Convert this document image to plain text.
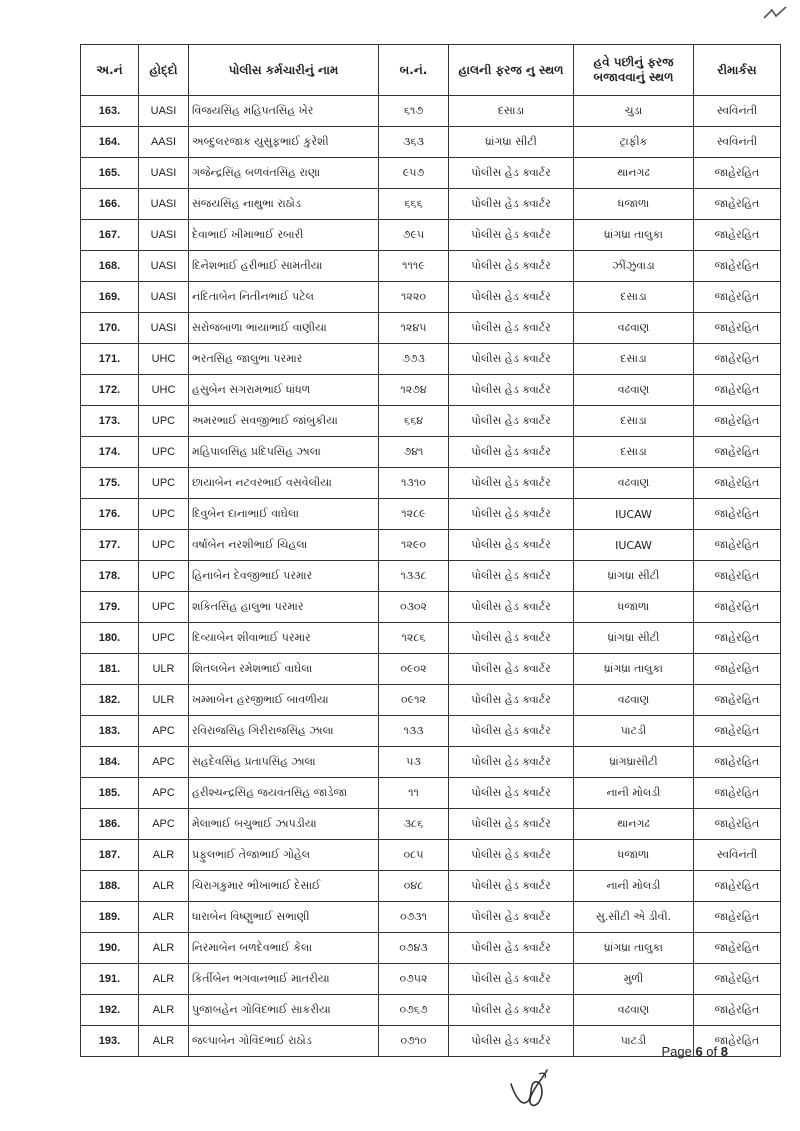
અ.નં	હોદ્દો	પોલીસ કર્મચારીનું નામ	બ.નં.	હાલની ફરજ નુ સ્થળ	હવે પછીનું ફરજ બજાવવાનું સ્થળ	રીમાર્કસ
163.	UASI	વિજયસિંહ મહિપતસિંહ ખેર	૬૧૭	દસાડા	ચુડા	સ્વવિનંતી
164.	AASI	અબ્દુલરજાક યુસુફભાઈ કુરેશી	૩૬૩	ધ્રાંગધ્રા સીટી	ટ્રાફીક	સ્વવિનંતી
165.	UASI	ગજેન્દ્રસિંહ બળવંતસિંહ રાણા	૯૫૭	પોલીસ હેડ ક્વાર્ટર	થાનગઢ	જાહેરહિત
166.	UASI	સંજયસિંહ નાથુભા રાઠોડ	૬૬૬	પોલીસ હેડ ક્વાર્ટર	ધજાળા	જાહેરહિત
167.	UASI	દેવાભાઈ ખીમાભાઈ રબારી	૭૯૫	પોલીસ હેડ ક્વાર્ટર	ધ્રાંગધ્રા તાલુકા	જાહેરહિત
168.	UASI	દિનેશભાઈ હરીભાઈ સામતીયા	૧૧૧૯	પોલીસ હેડ ક્વાર્ટર	ઝીંઝુવાડા	જાહેરહિત
169.	UASI	નંદિતાબેન નિતીનભાઈ પટેલ	૧૨૨૦	પોલીસ હેડ ક્વાર્ટર	દસાડા	જાહેરહિત
170.	UASI	સરોજબાળા ભાયાભાઈ વાણીયા	૧૨૪૫	પોલીસ હેડ ક્વાર્ટર	વઢવાણ	જાહેરહિત
171.	UHC	ભરતસિંહ જાલુભા પરમાર	૭૭૩	પોલીસ હેડ ક્વાર્ટર	દસાડા	જાહેરહિત
172.	UHC	હસુબેન સગરામભાઈ ધાંધળ	૧૨૭૪	પોલીસ હેડ ક્વાર્ટર	વઢવાણ	જાહેરહિત
173.	UPC	અમરભાઈ સવજીભાઈ જાંબુકીયા	૬૬૪	પોલીસ હેડ ક્વાર્ટર	દસાડા	જાહેરહિત
174.	UPC	મહિપાલસિંહ પ્રદિપસિંહ ઝાલા	૭૪૧	પોલીસ હેડ ક્વાર્ટર	દસાડા	જાહેરહિત
175.	UPC	છાયાબેન નટવરભાઈ વસવેલીયા	૧૩૧૦	પોલીસ હેડ ક્વાર્ટર	વઢવાણ	જાહેરહિત
176.	UPC	દિવુબેન દાનાભાઈ વાઘેલા	૧૨૮૯	પોલીસ હેડ ક્વાર્ટર	IUCAW	જાહેરહિત
177.	UPC	વર્ષાબેન નરશીભાઈ ચિહલા	૧૨૯૦	પોલીસ હેડ ક્વાર્ટર	IUCAW	જાહેરહિત
178.	UPC	હિનાબેન દેવજીભાઈ પરમાર	૧૩૩૮	પોલીસ હેડ ક્વાર્ટર	ધ્રાંગધ્રા સીટી	જાહેરહિત
179.	UPC	શકિતસિંહ હાલુભા પરમાર	૦૩૦૨	પોલીસ હેડ ક્વાર્ટર	ધજાળા	જાહેરહિત
180.	UPC	દિવ્યાબેન શીવાભાઈ પરમાર	૧૨૮૬	પોલીસ હેડ ક્વાર્ટર	ધ્રાંગધ્રા સીટી	જાહેરહિત
181.	ULR	શિતલબેન રમેશભાઈ વાઘેલા	૦૯૦૨	પોલીસ હેડ ક્વાર્ટર	ધ્રાંગધ્રા તાલુકા	જાહેરહિત
182.	ULR	ખમ્માબેન હરજીભાઈ બાવળીયા	૦૯૧૨	પોલીસ હેડ ક્વાર્ટર	વઢવાણ	જાહેરહિત
183.	APC	રવિરાજસિંહ ગિરીરાજસિંહ ઝાલા	૧૩૩	પોલીસ હેડ ક્વાર્ટર	પાટડી	જાહેરહિત
184.	APC	સહદેવસિંહ પ્રતાપસિંહ ઝાલા	૫૩	પોલીસ હેડ ક્વાર્ટર	ધ્રાંગધ્રાસીટી	જાહેરહિત
185.	APC	હરીશ્ચન્દ્રસિંહ જયવંતસિંહ જાડેજા	૧૧	પોલીસ હેડ ક્વાર્ટર	નાની મોલડી	જાહેરહિત
186.	APC	મેલાભાઈ બચુભાઈ ઝાપડીયા	૩૮૬	પોલીસ હેડ ક્વાર્ટર	થાનગઢ	જાહેરહિત
187.	ALR	પ્રફુલભાઈ તેજાભાઈ ગોહેલ	૦૮૫	પોલીસ હેડ ક્વાર્ટર	ધજાળા	સ્વવિનંતી
188.	ALR	ચિરાગકુમાર ભીખાભાઈ દેસાઈ	૦૪૮	પોલીસ હેડ ક્વાર્ટર	નાની મોલડી	જાહેરહિત
189.	ALR	ધારાબેન વિષ્ણુભાઈ સભાણી	૦૭૩૧	પોલીસ હેડ ક્વાર્ટર	સુ.સીટી એ ડીવી.	જાહેરહિત
190.	ALR	નિરમાબેન બળદેવભાઈ કેલા	૦૭૪૩	પોલીસ હેડ ક્વાર્ટર	ધ્રાંગધ્રા તાલુકા	જાહેરહિત
191.	ALR	કિર્તીબેન ભગવાનભાઈ માતરીયા	૦૭૫૨	પોલીસ હેડ ક્વાર્ટર	મુળી	જાહેરહિત
192.	ALR	પુજાબહેન ગોવિંદભાઈ સાકરીયા	૦૭૬૭	પોલીસ હેડ ક્વાર્ટર	વઢવાણ	જાહેરહિત
193.	ALR	જલ્પાબેન ગોવિંદભાઈ રાઠોડ	૦૭૧૦	પોલીસ હેડ ક્વાર્ટર	પાટડી	જાહેરહિત
Page 6 of 8
